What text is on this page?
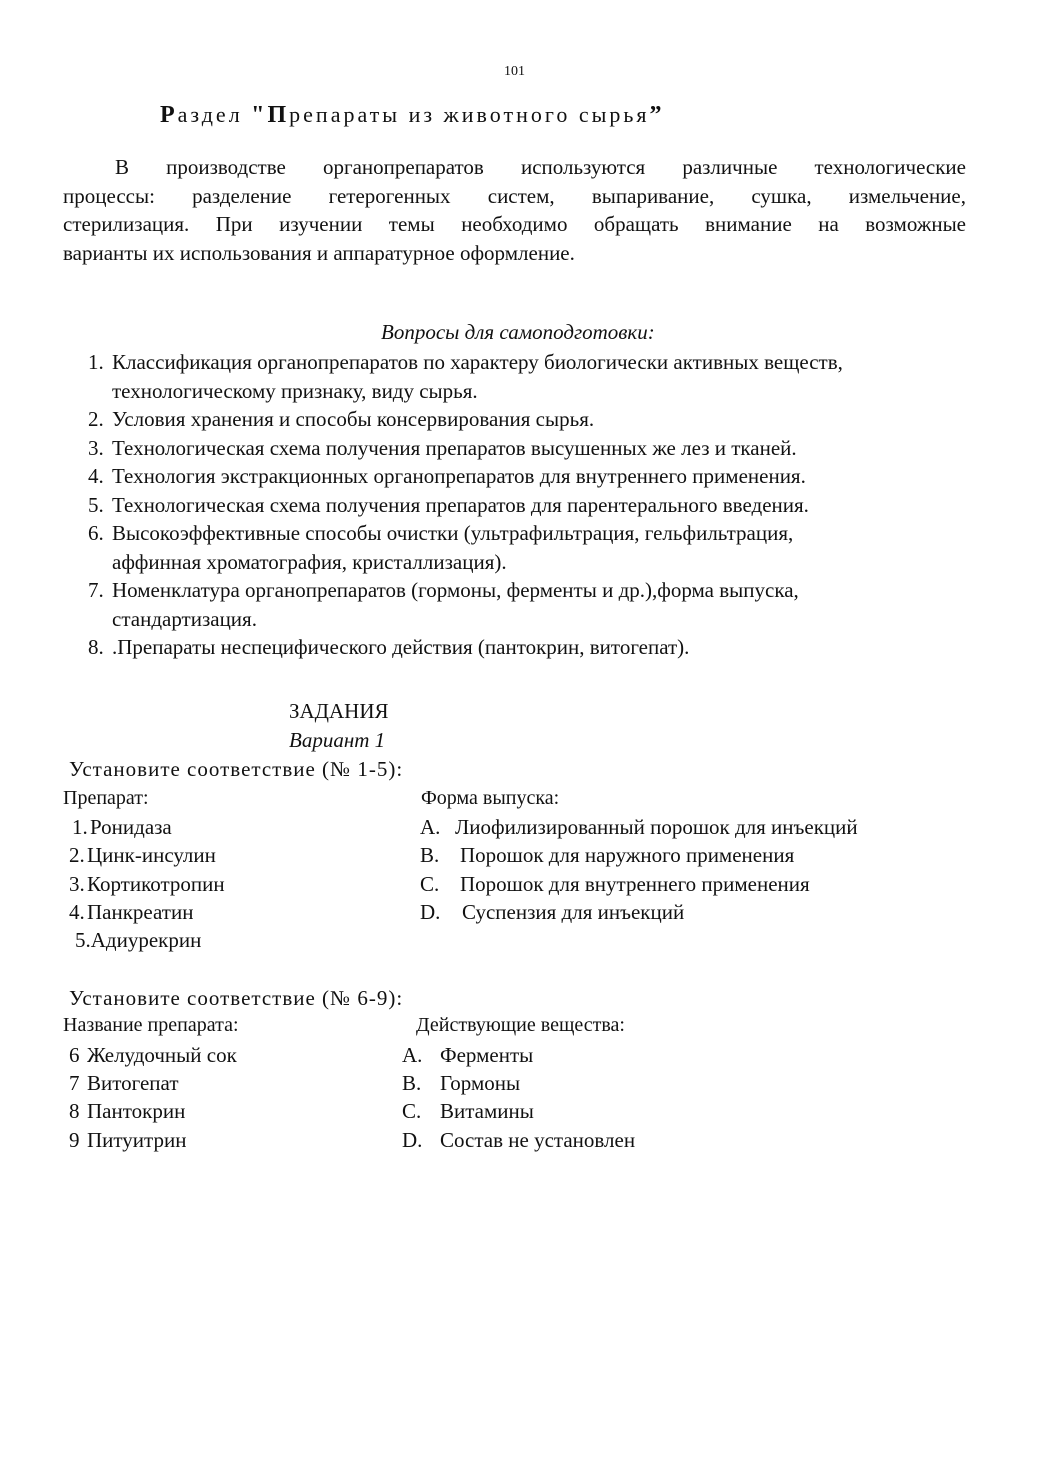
101
Раздел "Препараты из животного сырья”
В производстве органопрепаратов используются различные технологические
процессы: разделение гетерогенных систем, выпаривание, сушка, измельчение,
стерилизация. При изучении темы необходимо обращать внимание на возможные
варианты их использования и аппаратурное оформление.
Вопросы для самоподготовки:
1. Классификация органопрепаратов по характеру биологически активных веществ,
технологическому признаку, виду сырья.
2. Условия хранения и способы консервирования сырья.
3. Технологическая схема получения препаратов высушенных же лез и тканей.
4. Технология экстракционных органопрепаратов для внутреннего применения.
5. Технологическая схема получения препаратов для парентерального введения.
6. Высокоэффективные способы очистки (ультрафильтрация, гельфильтрация,
аффинная хроматография, кристаллизация).
7. Номенклатура органопрепаратов (гормоны, ферменты и др.),форма выпуска,
стандартизация.
8. .Препараты неспецифического действия (пантокрин, витогепат).
ЗАДАНИЯ
Вариант 1
Установите соответствие (№ 1-5):
Препарат:	Форма выпуска:
1. Ронидаза
2. Цинк-инсулин
3. Кортикотропин
4. Панкреатин
5.Адиурекрин
A. Лиофилизированный порошок для инъекций
B. Порошок для наружного применения
C. Порошок для внутреннего применения
D. Суспензия для инъекций
Установите соответствие (№ 6-9):
Название препарата:	Действующие вещества:
6 Желудочный сок
7 Витогепат
8 Пантокрин
9 Питуитрин
A. Ферменты
B. Гормоны
C. Витамины
D. Состав не установлен
